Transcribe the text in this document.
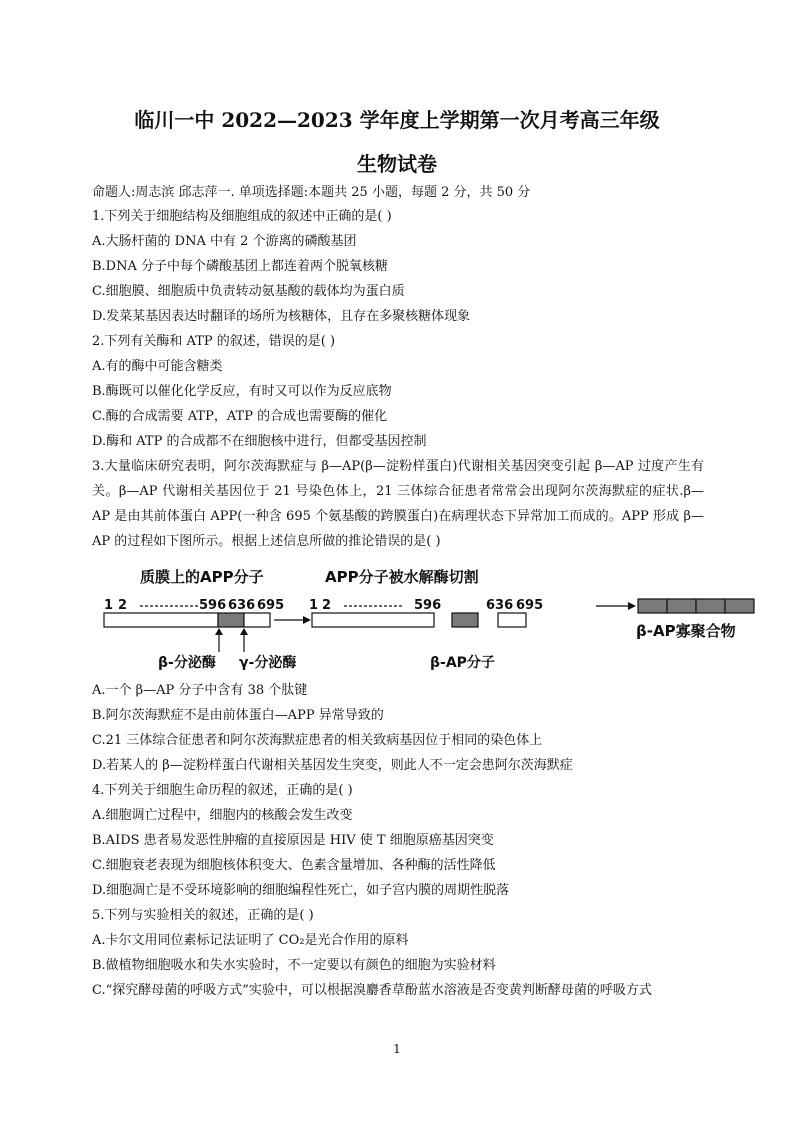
临川一中 2022—2023 学年度上学期第一次月考高三年级
生物试卷
命题人:周志滨 邱志萍一. 单项选择题:本题共 25 小题，每题 2 分，共 50 分
1.下列关于细胞结构及细胞组成的叙述中正确的是( )
A.大肠杆菌的 DNA 中有 2 个游离的磷酸基团
B.DNA 分子中每个磷酸基团上都连着两个脱氧核糖
C.细胞膜、细胞质中负责转动氨基酸的载体均为蛋白质
D.发菜某基因表达时翻译的场所为核糖体，且存在多聚核糖体现象
2.下列有关酶和 ATP 的叙述，错误的是( )
A.有的酶中可能含糖类
B.酶既可以催化化学反应，有时又可以作为反应底物
C.酶的合成需要 ATP，ATP 的合成也需要酶的催化
D.酶和 ATP 的合成都不在细胞核中进行，但都受基因控制
3.大量临床研究表明，阿尔茨海默症与 β—AP(β—淀粉样蛋白)代谢相关基因突变引起 β—AP 过度产生有关。β—AP 代谢相关基因位于 21 号染色体上，21 三体综合征患者常常会出现阿尔茨海默症的症状.β—AP 是由其前体蛋白 APP(一种含 695 个氨基酸的跨膜蛋白)在病理状态下异常加工而成的。APP 形成 β—AP 的过程如下图所示。根据上述信息所做的推论错误的是( )
质膜上的APP分子	APP分子被水解酶切割
1 2	596 636 695
β-分泌酶 γ-分泌酶
1 2	596	636 695
β-AP分子
β-AP寡聚合物
A.一个 β—AP 分子中含有 38 个肽键
B.阿尔茨海默症不是由前体蛋白—APP 异常导致的
C.21 三体综合征患者和阿尔茨海默症患者的相关致病基因位于相同的染色体上
D.若某人的 β—淀粉样蛋白代谢相关基因发生突变，则此人不一定会患阿尔茨海默症
4.下列关于细胞生命历程的叙述，正确的是( )
A.细胞调亡过程中，细胞内的核酸会发生改变
B.AIDS 患者易发恶性肿瘤的直接原因是 HIV 使 T 细胞原癌基因突变
C.细胞衰老表现为细胞核体积变大、色素含量增加、各种酶的活性降低
D.细胞凋亡是不受环境影响的细胞编程性死亡，如子宫内膜的周期性脱落
5.下列与实验相关的叙述，正确的是( )
A.卡尔文用同位素标记法证明了 CO₂是光合作用的原料
B.做植物细胞吸水和失水实验时，不一定要以有颜色的细胞为实验材料
C.“探究酵母菌的呼吸方式”实验中，可以根据溴麝香草酚蓝水溶液是否变黄判断酵母菌的呼吸方式
1
